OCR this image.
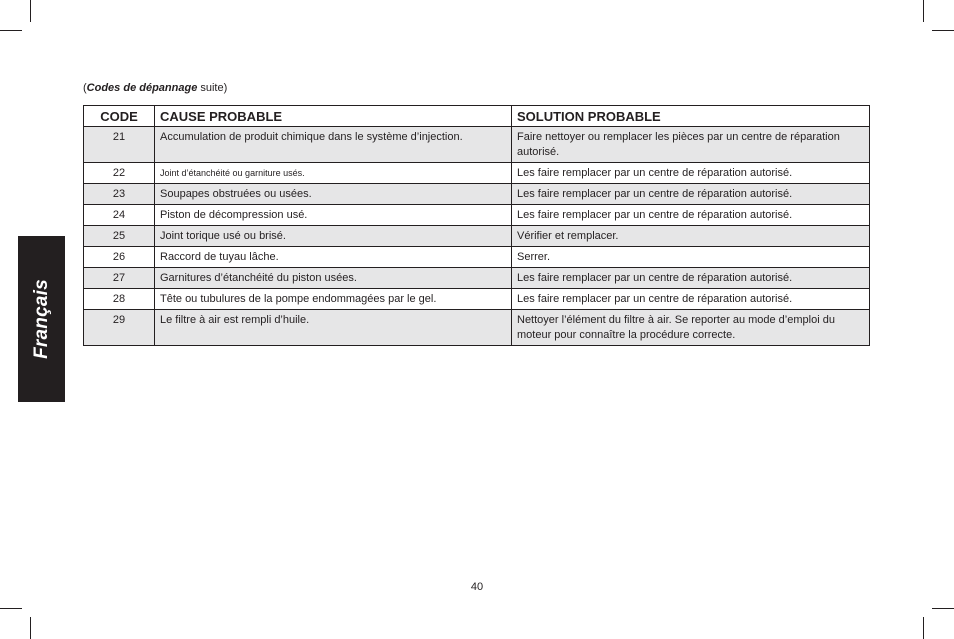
Français
(Codes de dépannage suite)
CODE	CAUSE PROBABLE	SOLUTION PROBABLE
21	Accumulation de produit chimique dans le système d’injection.	Faire nettoyer ou remplacer les pièces par un centre de réparation autorisé.
22	Joint d’étanchéité ou garniture usés.	Les faire remplacer par un centre de réparation autorisé.
23	Soupapes obstruées ou usées.	Les faire remplacer par un centre de réparation autorisé.
24	Piston de décompression usé.	Les faire remplacer par un centre de réparation autorisé.
25	Joint torique usé ou brisé.	Vérifier et remplacer.
26	Raccord de tuyau lâche.	Serrer.
27	Garnitures d’étanchéité du piston usées.	Les faire remplacer par un centre de réparation autorisé.
28	Tête ou tubulures de la pompe endommagées par le gel.	Les faire remplacer par un centre de réparation autorisé.
29	Le filtre à air est rempli d’huile.	Nettoyer l’élément du filtre à air. Se reporter au mode d’emploi du moteur pour connaître la procédure correcte.
40
